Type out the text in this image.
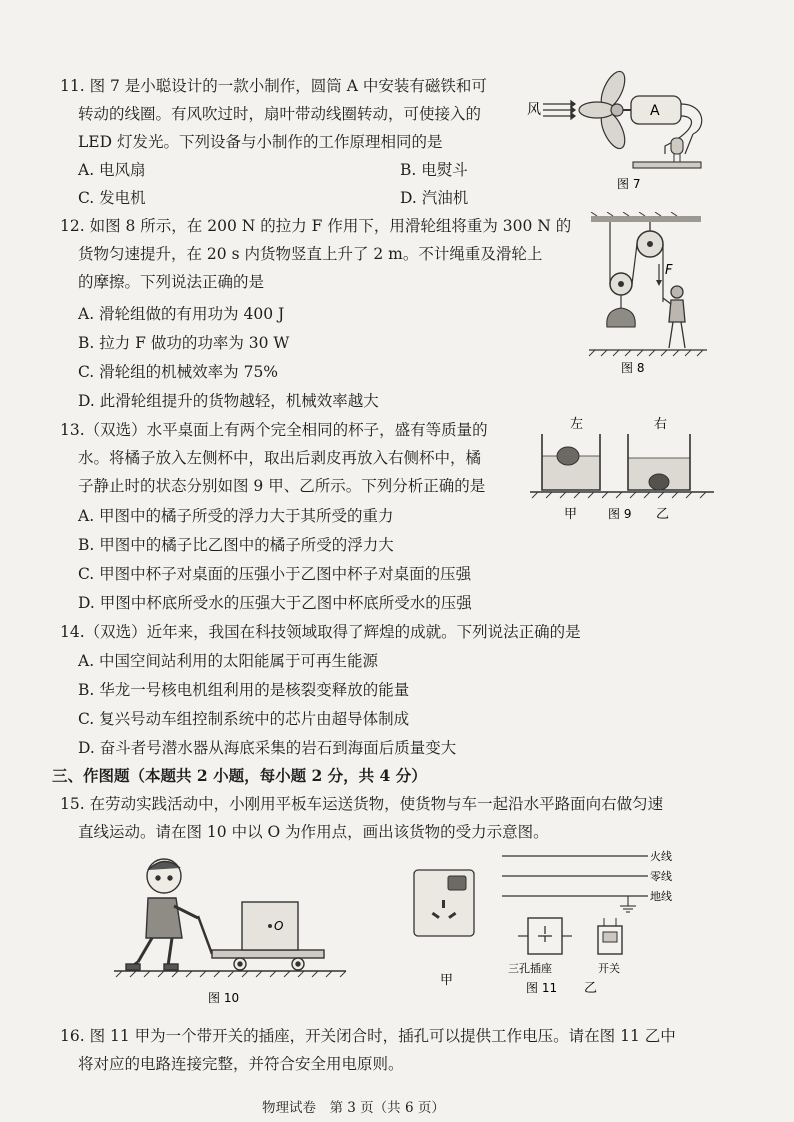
11. 图 7 是小聪设计的一款小制作，圆筒 A 中安装有磁铁和可
转动的线圈。有风吹过时，扇叶带动线圈转动，可使接入的
LED 灯发光。下列设备与小制作的工作原理相同的是
A. 电风扇	B. 电熨斗
C. 发电机	D. 汽油机
风	A
图 7
12. 如图 8 所示，在 200 N 的拉力 F 作用下，用滑轮组将重为 300 N 的
货物匀速提升，在 20 s 内货物竖直上升了 2 m。不计绳重及滑轮上
的摩擦。下列说法正确的是
A. 滑轮组做的有用功为 400 J
B. 拉力 F 做功的功率为 30 W
C. 滑轮组的机械效率为 75%
D. 此滑轮组提升的货物越轻，机械效率越大
F
图 8
13.（双选）水平桌面上有两个完全相同的杯子，盛有等质量的
水。将橘子放入左侧杯中，取出后剥皮再放入右侧杯中，橘
子静止时的状态分别如图 9 甲、乙所示。下列分析正确的是
A. 甲图中的橘子所受的浮力大于其所受的重力
B. 甲图中的橘子比乙图中的橘子所受的浮力大
C. 甲图中杯子对桌面的压强小于乙图中杯子对桌面的压强
D. 甲图中杯底所受水的压强大于乙图中杯底所受水的压强
左	右
甲	图 9 乙
14.（双选）近年来，我国在科技领域取得了辉煌的成就。下列说法正确的是
A. 中国空间站利用的太阳能属于可再生能源
B. 华龙一号核电机组利用的是核裂变释放的能量
C. 复兴号动车组控制系统中的芯片由超导体制成
D. 奋斗者号潜水器从海底采集的岩石到海面后质量变大
三、作图题（本题共 2 小题，每小题 2 分，共 4 分）
15. 在劳动实践活动中，小刚用平板车运送货物，使货物与车一起沿水平路面向右做匀速
直线运动。请在图 10 中以 O 为作用点，画出该货物的受力示意图。
O
图 10
甲
火线
零线
地线
三孔插座	开关
图 11 乙
16. 图 11 甲为一个带开关的插座，开关闭合时，插孔可以提供工作电压。请在图 11 乙中
将对应的电路连接完整，并符合安全用电原则。
物理试卷　第 3 页（共 6 页）
